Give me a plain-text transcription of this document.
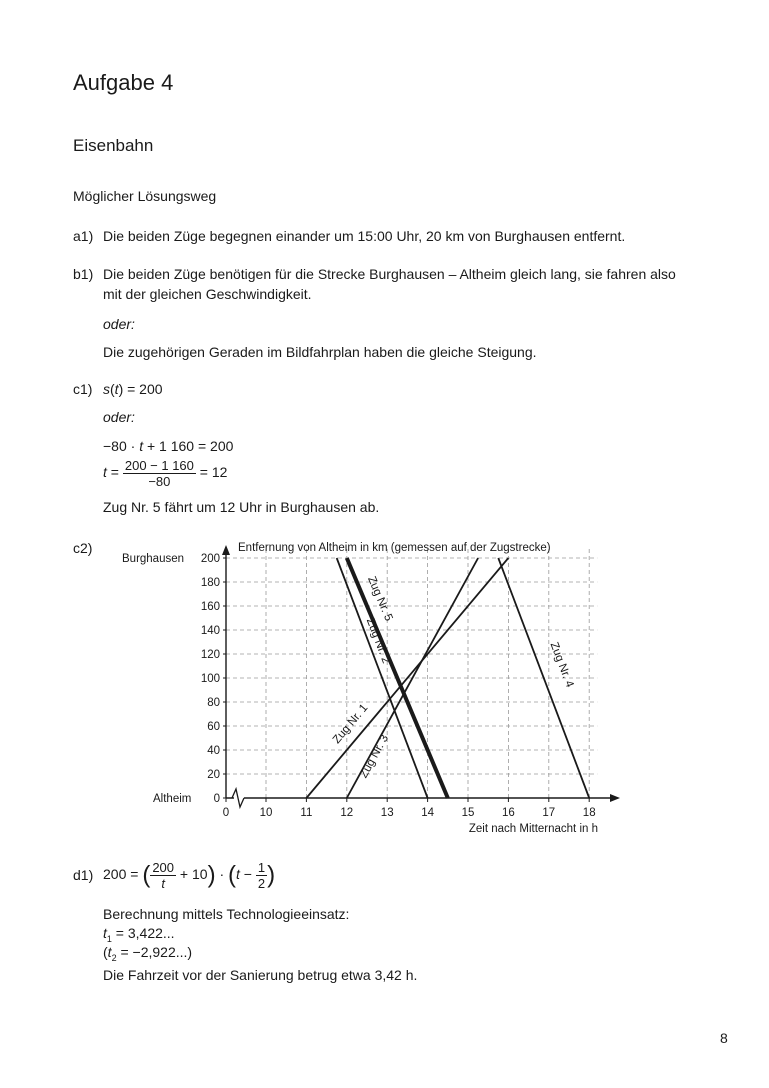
Aufgabe 4
Eisenbahn
Möglicher Lösungsweg
a1) Die beiden Züge begegnen einander um 15:00 Uhr, 20 km von Burghausen entfernt.
b1) Die beiden Züge benötigen für die Strecke Burghausen – Altheim gleich lang, sie fahren also
mit der gleichen Geschwindigkeit.
oder:
Die zugehörigen Geraden im Bildfahrplan haben die gleiche Steigung.
c1) s(t) = 200
oder:
−80 · t + 1 160 = 200
$t = \frac{200 - 1 160}{-80} = 12$
Zug Nr. 5 fährt um 12 Uhr in Burghausen ab.
c2)
0
20
40
60
80
100
120
140
160
180
200
0	10 11 12 13 14 15 16 17 18
Burghausen
Altheim
Entfernung von Altheim in km (gemessen auf der Zugstrecke)
Zeit nach Mitternacht in h
Zug Nr. 1
Zug Nr. 2
Zug Nr. 3
Zug Nr. 4
Zug Nr. 5
d1) 200 = ( $\frac{200}{t} + 10) \cdot (t - \frac{1}{2}$ )
Berechnung mittels Technologieeinsatz:
$t_1 = 3,422$...
$(t_2 = -2,922...)$
Die Fahrzeit vor der Sanierung betrug etwa 3,42 h.
8
